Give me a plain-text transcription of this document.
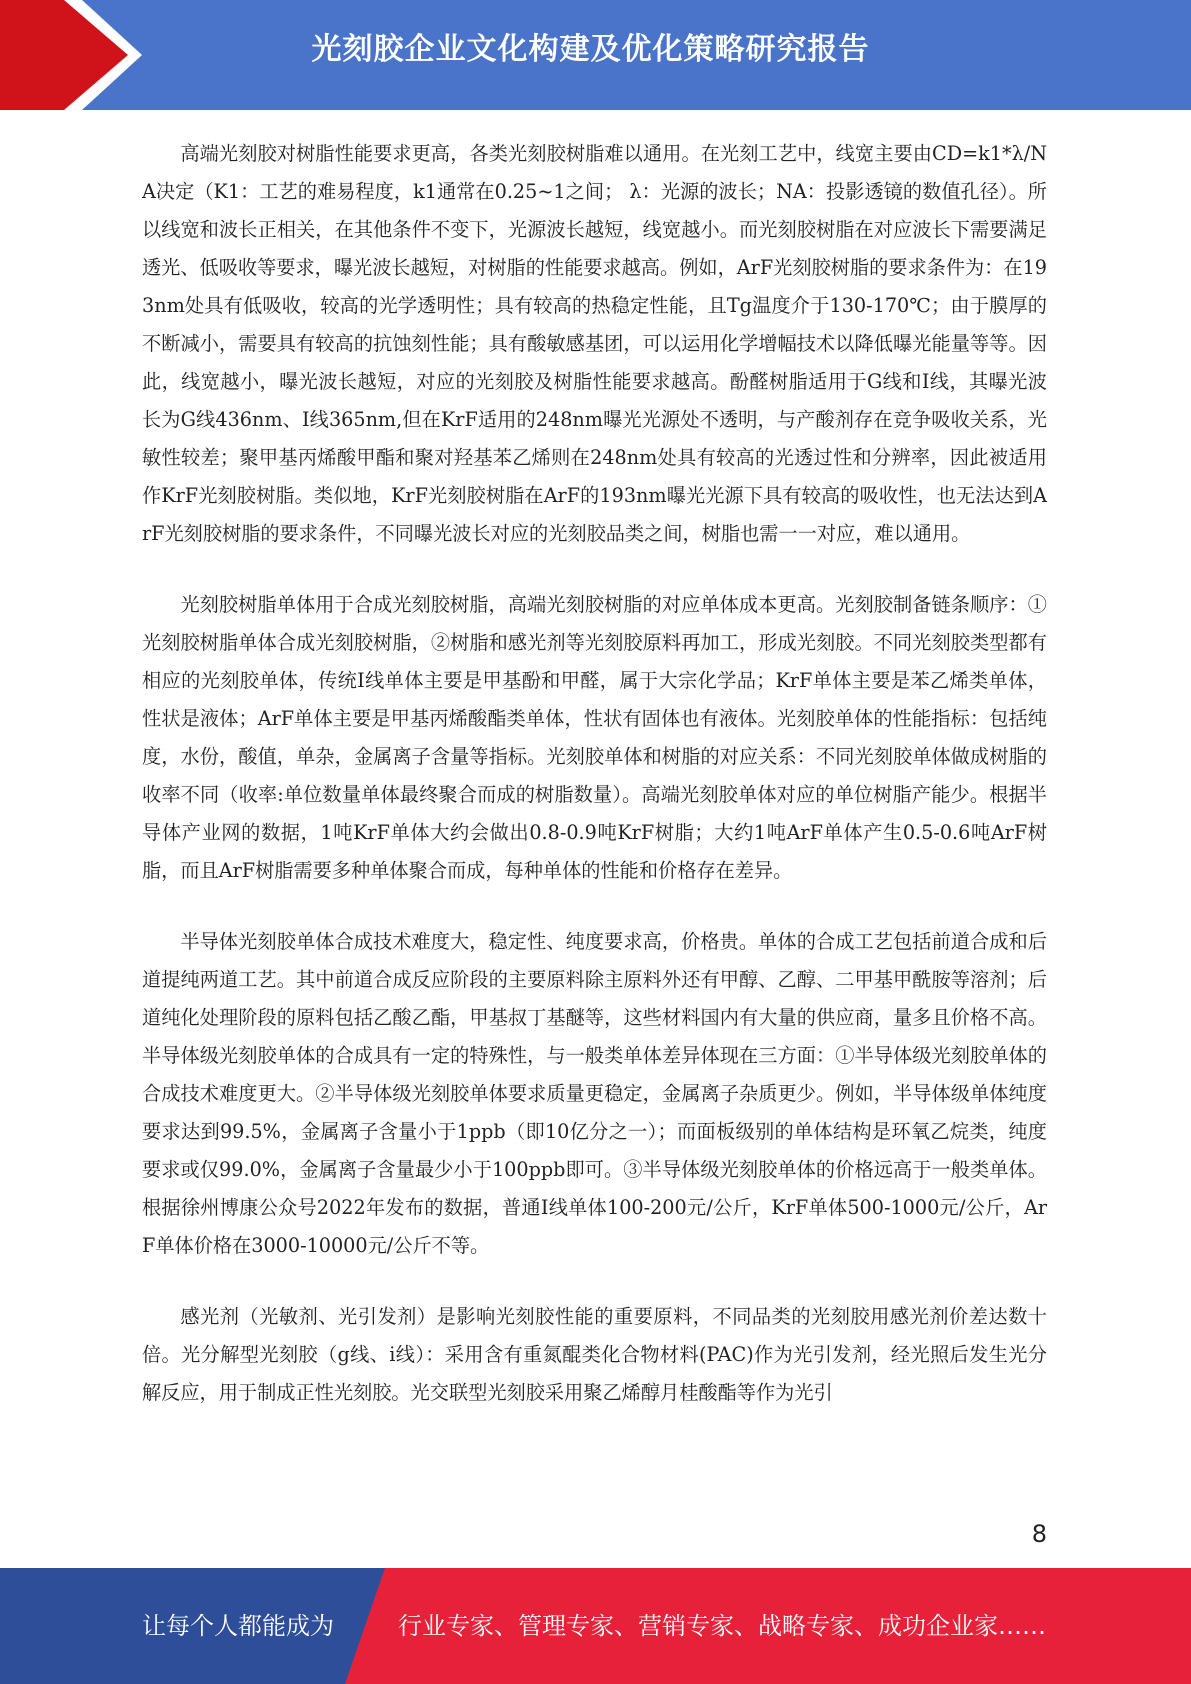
光刻胶企业文化构建及优化策略研究报告

高端光刻胶对树脂性能要求更高，各类光刻胶树脂难以通用。在光刻工艺中，线宽主要由CD=k1*λ/NA决定（K1：工艺的难易程度，k1通常在0.25~1之间； λ：光源的波长；NA：投影透镜的数值孔径）。所以线宽和波长正相关，在其他条件不变下，光源波长越短，线宽越小。而光刻胶树脂在对应波长下需要满足透光、低吸收等要求，曝光波长越短，对树脂的性能要求越高。例如，ArF光刻胶树脂的要求条件为：在193nm处具有低吸收，较高的光学透明性；具有较高的热稳定性能，且Tg温度介于130-170℃；由于膜厚的不断减小，需要具有较高的抗蚀刻性能；具有酸敏感基团，可以运用化学增幅技术以降低曝光能量等等。因此，线宽越小，曝光波长越短，对应的光刻胶及树脂性能要求越高。酚醛树脂适用于G线和I线，其曝光波长为G线436nm、I线365nm,但在KrF适用的248nm曝光光源处不透明，与产酸剂存在竞争吸收关系，光敏性较差；聚甲基丙烯酸甲酯和聚对羟基苯乙烯则在248nm处具有较高的光透过性和分辨率，因此被适用作KrF光刻胶树脂。类似地，KrF光刻胶树脂在ArF的193nm曝光光源下具有较高的吸收性，也无法达到ArF光刻胶树脂的要求条件，不同曝光波长对应的光刻胶品类之间，树脂也需一一对应，难以通用。

光刻胶树脂单体用于合成光刻胶树脂，高端光刻胶树脂的对应单体成本更高。光刻胶制备链条顺序：①光刻胶树脂单体合成光刻胶树脂，②树脂和感光剂等光刻胶原料再加工，形成光刻胶。不同光刻胶类型都有相应的光刻胶单体，传统I线单体主要是甲基酚和甲醛，属于大宗化学品；KrF单体主要是苯乙烯类单体，性状是液体；ArF单体主要是甲基丙烯酸酯类单体，性状有固体也有液体。光刻胶单体的性能指标：包括纯度，水份，酸值，单杂，金属离子含量等指标。光刻胶单体和树脂的对应关系：不同光刻胶单体做成树脂的收率不同（收率:单位数量单体最终聚合而成的树脂数量）。高端光刻胶单体对应的单位树脂产能少。根据半导体产业网的数据，1吨KrF单体大约会做出0.8-0.9吨KrF树脂；大约1吨ArF单体产生0.5-0.6吨ArF树脂，而且ArF树脂需要多种单体聚合而成，每种单体的性能和价格存在差异。

半导体光刻胶单体合成技术难度大，稳定性、纯度要求高，价格贵。单体的合成工艺包括前道合成和后道提纯两道工艺。其中前道合成反应阶段的主要原料除主原料外还有甲醇、乙醇、二甲基甲酰胺等溶剂；后道纯化处理阶段的原料包括乙酸乙酯，甲基叔丁基醚等，这些材料国内有大量的供应商，量多且价格不高。半导体级光刻胶单体的合成具有一定的特殊性，与一般类单体差异体现在三方面：①半导体级光刻胶单体的合成技术难度更大。②半导体级光刻胶单体要求质量更稳定，金属离子杂质更少。例如，半导体级单体纯度要求达到99.5%，金属离子含量小于1ppb（即10亿分之一）；而面板级别的单体结构是环氧乙烷类，纯度要求或仅99.0%，金属离子含量最少小于100ppb即可。③半导体级光刻胶单体的价格远高于一般类单体。根据徐州博康公众号2022年发布的数据，普通I线单体100-200元/公斤，KrF单体500-1000元/公斤，ArF单体价格在3000-10000元/公斤不等。

感光剂（光敏剂、光引发剂）是影响光刻胶性能的重要原料，不同品类的光刻胶用感光剂价差达数十倍。光分解型光刻胶（g线、i线）：采用含有重氮醌类化合物材料(PAC)作为光引发剂，经光照后发生光分解反应，用于制成正性光刻胶。光交联型光刻胶采用聚乙烯醇月桂酸酯等作为光引

8
让每个人都能成为	行业专家、管理专家、营销专家、战略专家、成功企业家……
